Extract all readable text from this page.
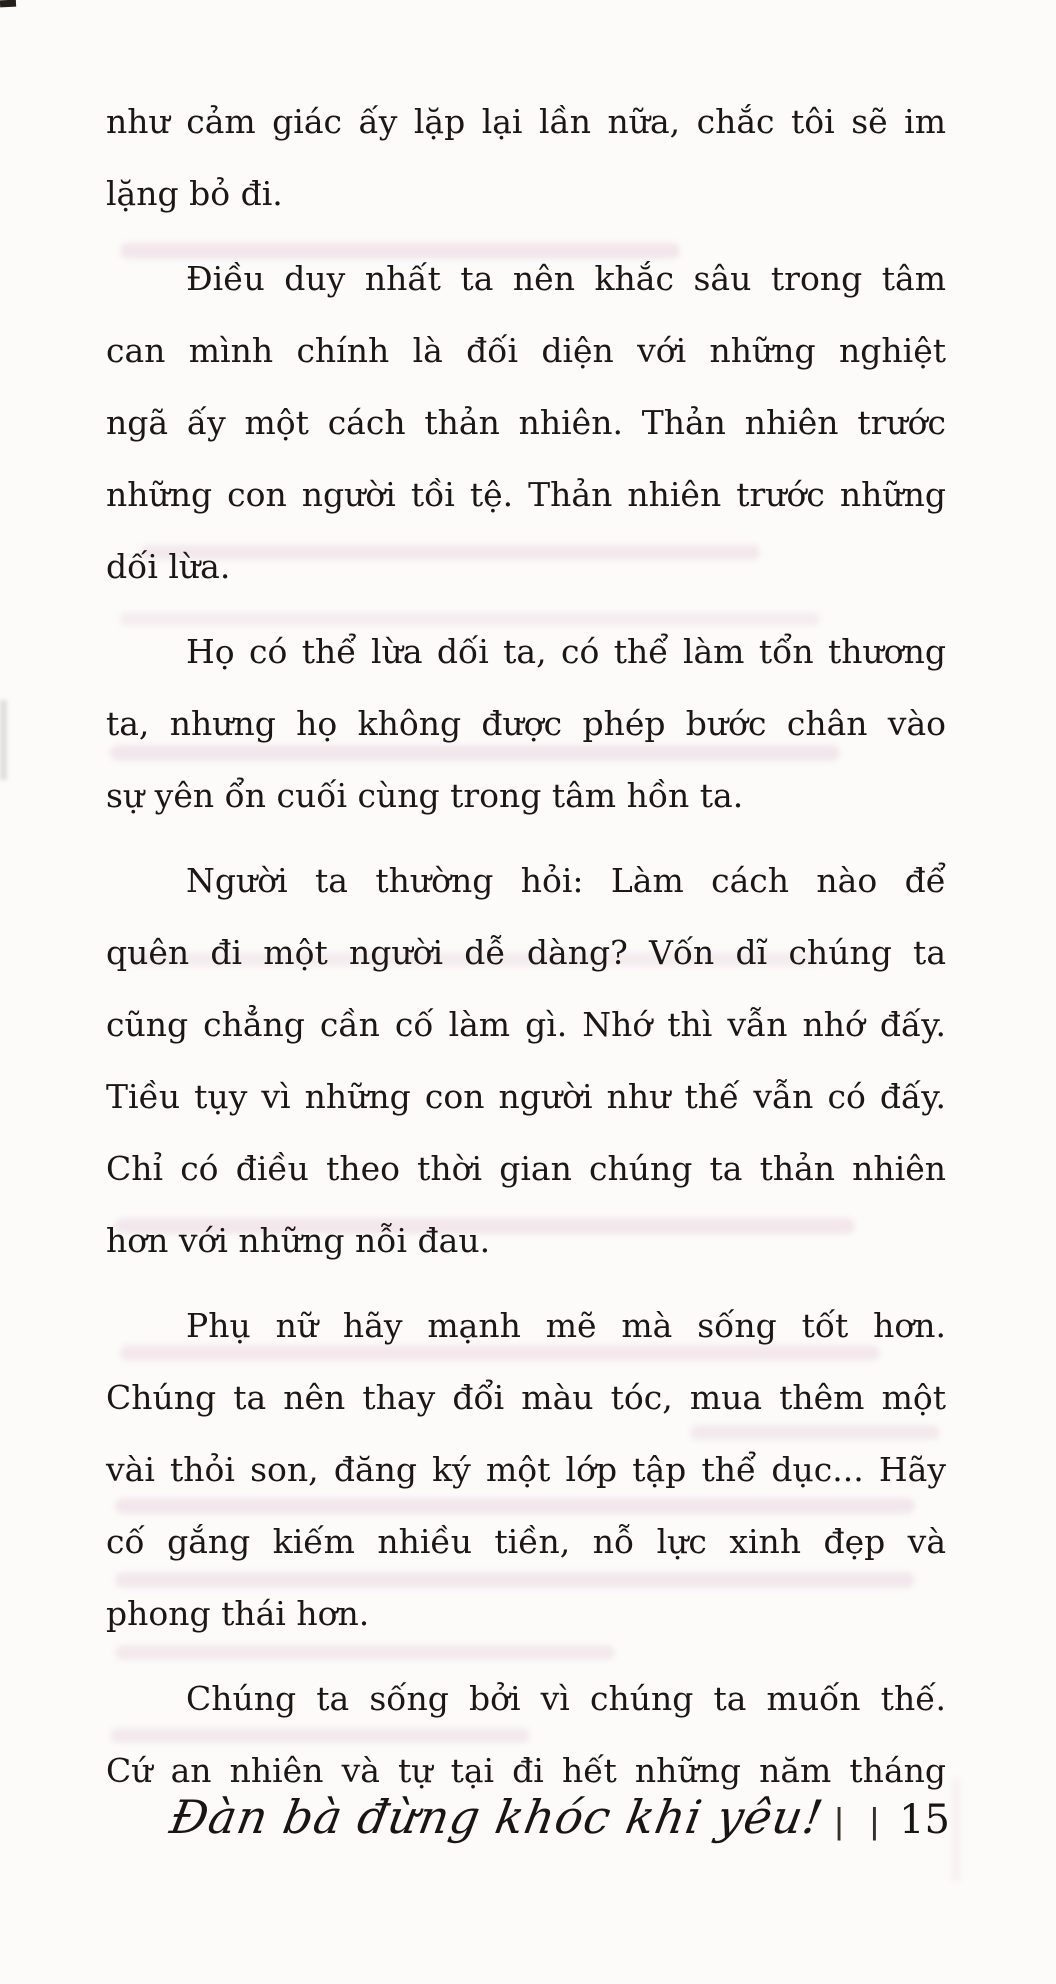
như cảm giác ấy lặp lại lần nữa, chắc tôi sẽ im
lặng bỏ đi.
Điều duy nhất ta nên khắc sâu trong tâm
can mình chính là đối diện với những nghiệt
ngã ấy một cách thản nhiên. Thản nhiên trước
những con người tồi tệ. Thản nhiên trước những
dối lừa.
Họ có thể lừa dối ta, có thể làm tổn thương
ta, nhưng họ không được phép bước chân vào
sự yên ổn cuối cùng trong tâm hồn ta.
Người ta thường hỏi: Làm cách nào để
quên đi một người dễ dàng? Vốn dĩ chúng ta
cũng chẳng cần cố làm gì. Nhớ thì vẫn nhớ đấy.
Tiều tụy vì những con người như thế vẫn có đấy.
Chỉ có điều theo thời gian chúng ta thản nhiên
hơn với những nỗi đau.
Phụ nữ hãy mạnh mẽ mà sống tốt hơn.
Chúng ta nên thay đổi màu tóc, mua thêm một
vài thỏi son, đăng ký một lớp tập thể dục... Hãy
cố gắng kiếm nhiều tiền, nỗ lực xinh đẹp và
phong thái hơn.
Chúng ta sống bởi vì chúng ta muốn thế.
Cứ an nhiên và tự tại đi hết những năm tháng
Đàn bà đừng khóc khi yêu! | | 15
